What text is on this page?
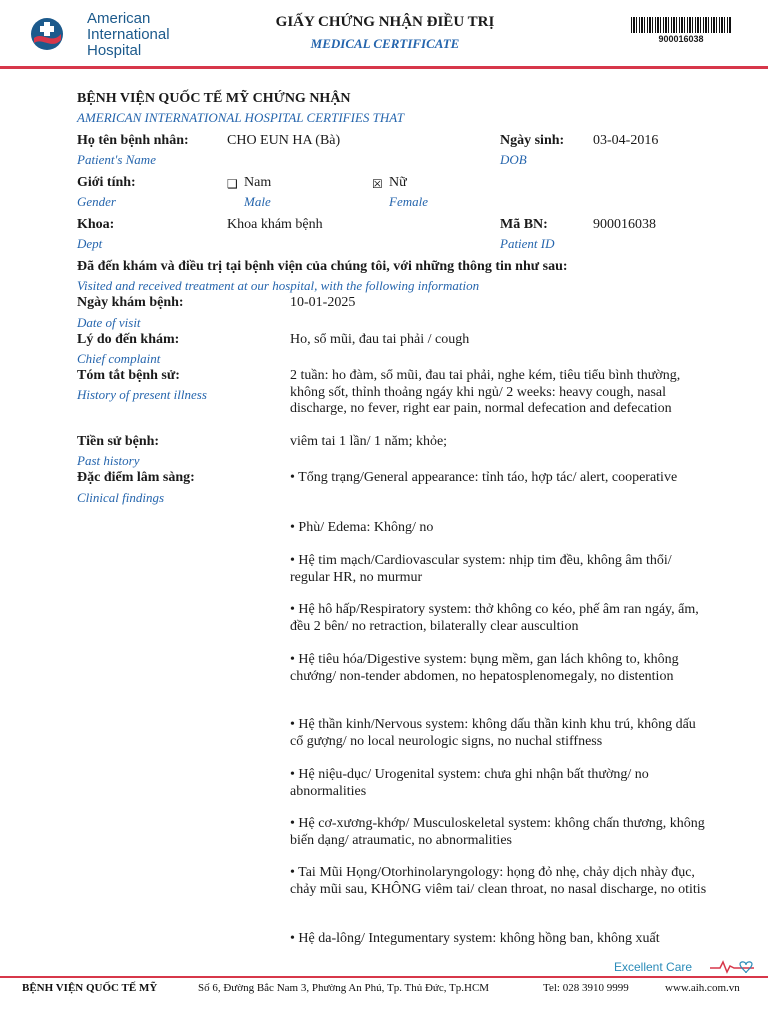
American
International
Hospital
GIẤY CHỨNG NHẬN ĐIỀU TRỊ
MEDICAL CERTIFICATE	900016038
BỆNH VIỆN QUỐC TẾ MỸ CHỨNG NHẬN
AMERICAN INTERNATIONAL HOSPITAL CERTIFIES THAT
Họ tên bệnh nhân:
Patient's Name
CHO EUN HA (Bà)	Ngày sinh:
DOB
03-04-2016
Giới tính:
Gender
❑ Nam
Male
☒ Nữ
Female
Khoa:
Dept
Khoa khám bệnh	Mã BN:
Patient ID
900016038
Đã đến khám và điều trị tại bệnh viện của chúng tôi, với những thông tin như sau:
Visited and received treatment at our hospital, with the following information
Ngày khám bệnh:
Date of visit
10-01-2025
Lý do đến khám:
Chief complaint
Ho, sổ mũi, đau tai phải / cough
Tóm tắt bệnh sử:
History of present illness
2 tuần: ho đàm, sổ mũi, đau tai phải, nghe kém, tiêu tiểu bình thường, không sốt, thỉnh thoảng ngáy khi ngủ/ 2 weeks: heavy cough, nasal discharge, no fever, right ear pain, normal defecation and defecation
Tiền sử bệnh:
Past history
viêm tai 1 lần/ 1 năm; khỏe;
Đặc điểm lâm sàng:
Clinical findings
• Tổng trạng/General appearance: tỉnh táo, hợp tác/ alert, cooperative
• Phù/ Edema: Không/ no
• Hệ tim mạch/Cardiovascular system: nhịp tim đều, không âm thổi/ regular HR, no murmur
• Hệ hô hấp/Respiratory system: thở không co kéo, phế âm ran ngáy, ẩm, đều 2 bên/ no retraction, bilaterally clear auscultion
• Hệ tiêu hóa/Digestive system: bụng mềm, gan lách không to, không chướng/ non-tender abdomen, no hepatosplenomegaly, no distention
• Hệ thần kinh/Nervous system: không dấu thần kinh khu trú, không dấu cổ gượng/ no local neurologic signs, no nuchal stiffness
• Hệ niệu-dục/ Urogenital system: chưa ghi nhận bất thường/ no abnormalities
• Hệ cơ-xương-khớp/ Musculoskeletal system: không chấn thương, không biến dạng/ atraumatic, no abnormalities
• Tai Mũi Họng/Otorhinolaryngology: họng đỏ nhẹ, chảy dịch nhày đục, chảy mũi sau, KHÔNG viêm tai/ clean throat, no nasal discharge, no otitis
• Hệ da-lông/ Integumentary system: không hồng ban, không xuất
Excellent Care
BỆNH VIỆN QUỐC TẾ MỸ	Số 6, Đường Bắc Nam 3, Phường An Phú, Tp. Thủ Đức, Tp.HCM	Tel: 028 3910 9999	www.aih.com.vn
